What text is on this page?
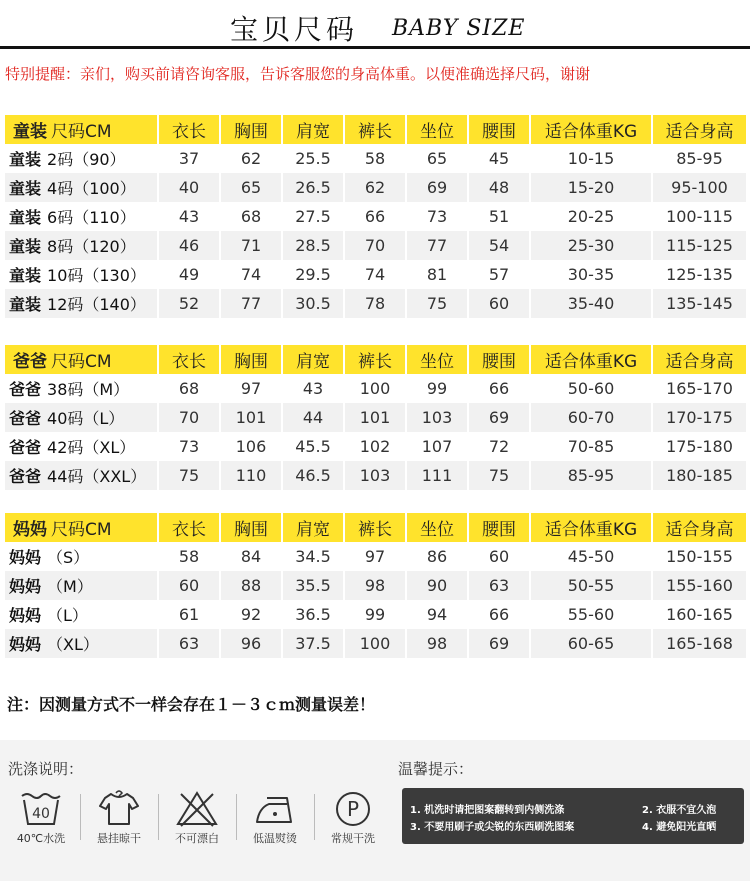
宝贝尺码 BABY SIZE
特别提醒：亲们，购买前请咨询客服，告诉客服您的身高体重。以便准确选择尺码，谢谢
童装 尺码CM	衣长	胸围	肩宽	裤长	坐位	腰围	适合体重KG	适合身高
童装 2码（90）	37	62	25.5	58	65	45	10-15	85-95
童装 4码（100）	40	65	26.5	62	69	48	15-20	95-100
童装 6码（110）	43	68	27.5	66	73	51	20-25	100-115
童装 8码（120）	46	71	28.5	70	77	54	25-30	115-125
童装 10码（130）	49	74	29.5	74	81	57	30-35	125-135
童装 12码（140）	52	77	30.5	78	75	60	35-40	135-145
爸爸 尺码CM	衣长	胸围	肩宽	裤长	坐位	腰围	适合体重KG	适合身高
爸爸 38码（M）	68	97	43	100	99	66	50-60	165-170
爸爸 40码（L）	70	101	44	101	103	69	60-70	170-175
爸爸 42码（XL）	73	106	45.5	102	107	72	70-85	175-180
爸爸 44码（XXL）	75	110	46.5	103	111	75	85-95	180-185
妈妈 尺码CM	衣长	胸围	肩宽	裤长	坐位	腰围	适合体重KG	适合身高
妈妈 （S）	58	84	34.5	97	86	60	45-50	150-155
妈妈 （M）	60	88	35.5	98	90	63	50-55	155-160
妈妈 （L）	61	92	36.5	99	94	66	55-60	160-165
妈妈 （XL）	63	96	37.5	100	98	69	60-65	165-168
注：因测量方式不一样会存在１－３ｃｍ测量误差！
洗涤说明：	温馨提示：
40
40℃水洗	悬挂晾干	不可漂白	低温熨烫
P
常规干洗
1. 机洗时请把图案翻转到内侧洗涤	2. 衣服不宜久泡
3. 不要用刷子或尖锐的东西刷洗图案	4. 避免阳光直晒
